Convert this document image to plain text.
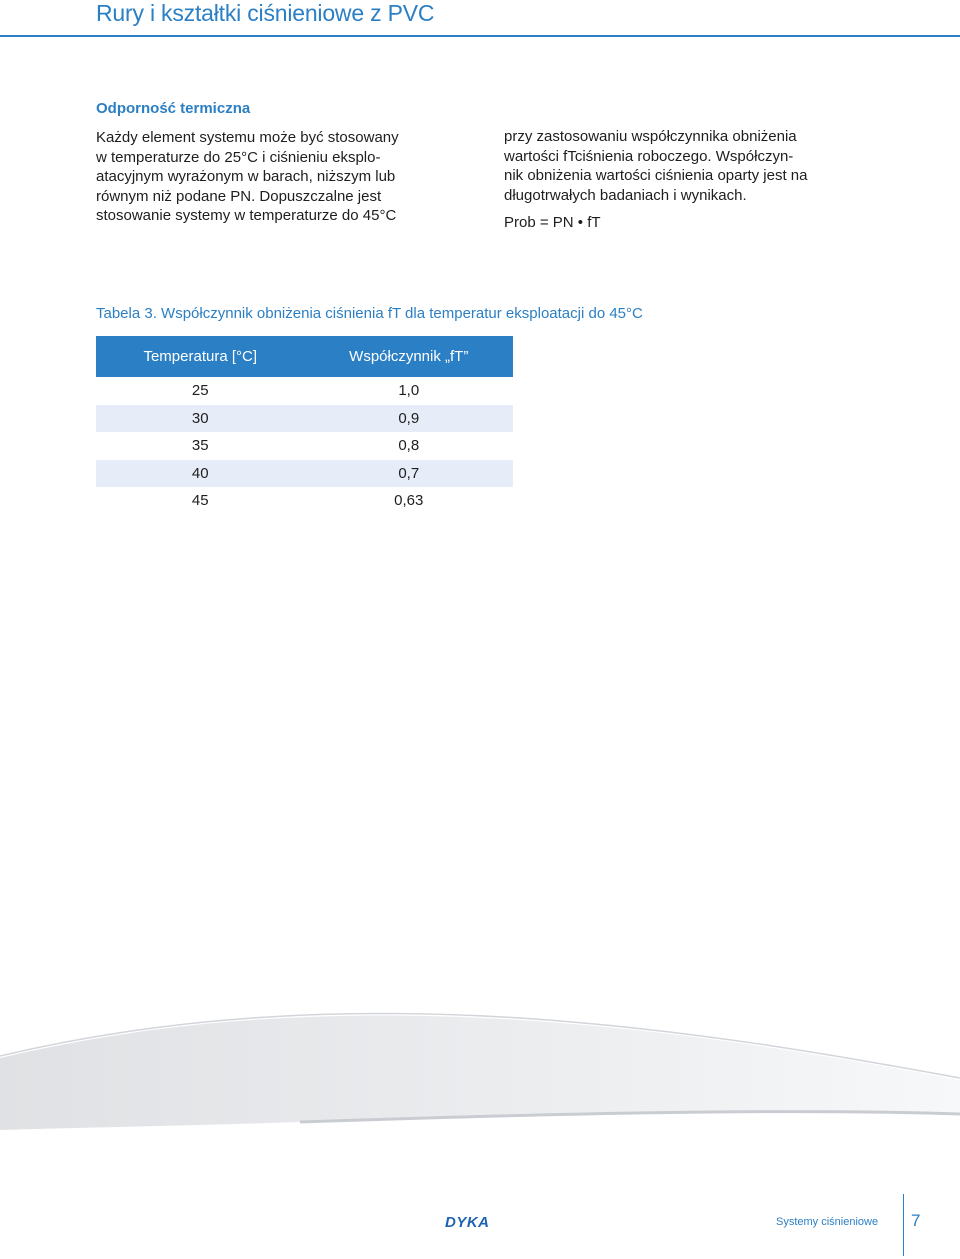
Rury i kształtki ciśnieniowe z PVC
Odporność termiczna

Każdy element systemu może być stosowany
w temperaturze do 25°C i ciśnieniu eksplo-
atacyjnym wyrażonym w barach, niższym lub
równym niż podane PN. Dopuszczalne jest
stosowanie systemy w temperaturze do 45°C

przy zastosowaniu współczynnika obniżenia
wartości fTciśnienia roboczego. Współczyn-
nik obniżenia wartości ciśnienia oparty jest na
długotrwałych badaniach i wynikach.

Prob = PN • fT

Tabela 3. Współczynnik obniżenia ciśnienia fT dla temperatur eksploatacji do 45°C

Temperatura [°C]	Współczynnik „fT”
25	1,0
30	0,9
35	0,8
40	0,7
45	0,63
DYKA	Systemy ciśnieniowe 7
